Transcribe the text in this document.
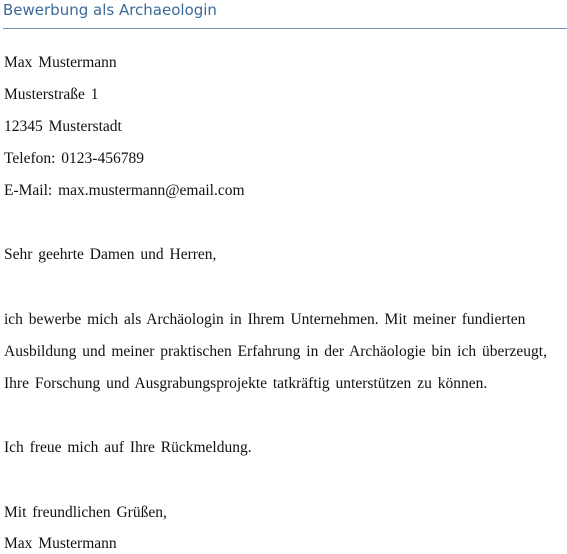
Bewerbung als Archaeologin
Max Mustermann
Musterstraße 1
12345 Musterstadt
Telefon: 0123-456789
E-Mail: max.mustermann@email.com
Sehr geehrte Damen und Herren,
ich bewerbe mich als Archäologin in Ihrem Unternehmen. Mit meiner fundierten
Ausbildung und meiner praktischen Erfahrung in der Archäologie bin ich überzeugt,
Ihre Forschung und Ausgrabungsprojekte tatkräftig unterstützen zu können.
Ich freue mich auf Ihre Rückmeldung.
Mit freundlichen Grüßen,
Max Mustermann
